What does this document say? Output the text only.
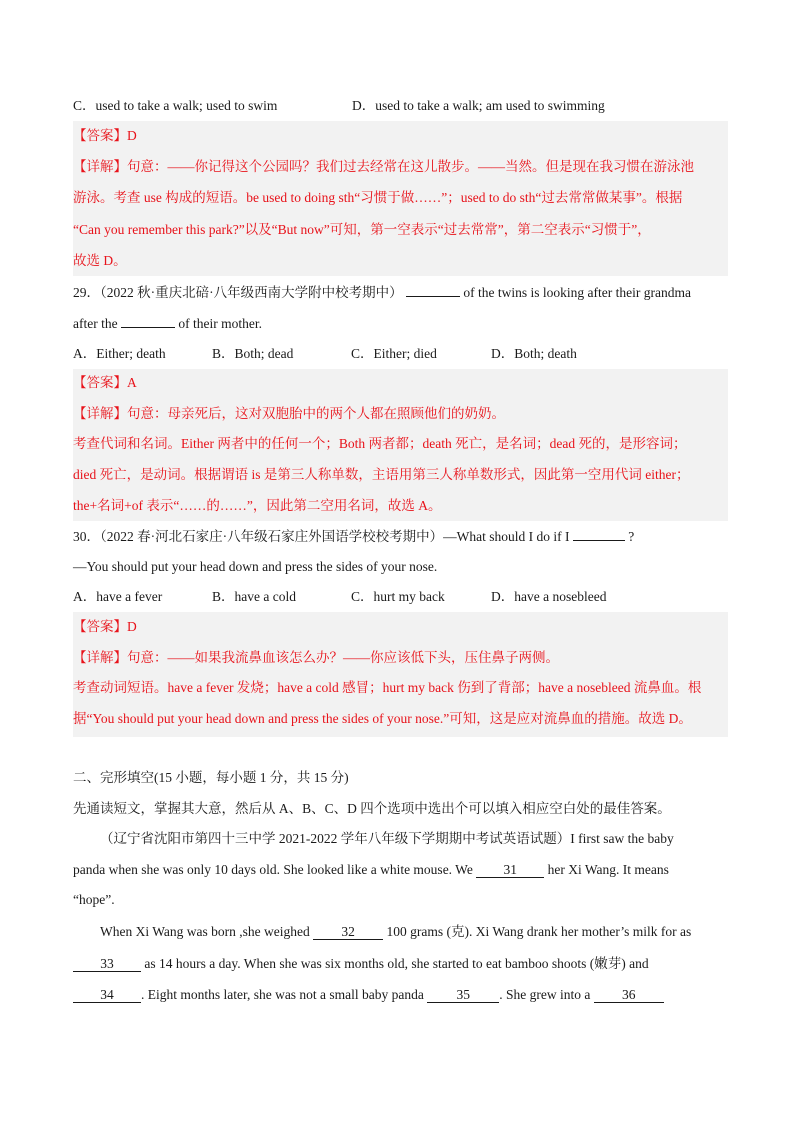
C．used to take a walk; used to swim	D．used to take a walk; am used to swimming
【答案】D
【详解】句意：——你记得这个公园吗？我们过去经常在这儿散步。——当然。但是现在我习惯在游泳池
游泳。考查 use 构成的短语。be used to doing sth“习惯于做……”；used to do sth“过去常常做某事”。根据
“Can you remember this park?”以及“But now”可知，第一空表示“过去常常”，第二空表示“习惯于”，
故选 D。
29．（2022 秋·重庆北碚·八年级西南大学附中校考期中）	of the twins is looking after their grandma
after the	of their mother.
A．Either; death	B．Both; dead	C．Either; died	D．Both; death
【答案】A
【详解】句意：母亲死后，这对双胞胎中的两个人都在照顾他们的奶奶。
考查代词和名词。Either 两者中的任何一个；Both 两者都；death 死亡，是名词；dead 死的，是形容词；
died 死亡，是动词。根据谓语 is 是第三人称单数，主语用第三人称单数形式，因此第一空用代词 either；
the+名词+of 表示“……的……”，因此第二空用名词，故选 A。
30．（2022 春·河北石家庄·八年级石家庄外国语学校校考期中）—What should I do if I	?
—You should put your head down and press the sides of your nose.
A．have a fever	B．have a cold	C．hurt my back	D．have a nosebleed
【答案】D
【详解】句意：——如果我流鼻血该怎么办？——你应该低下头，压住鼻子两侧。
考查动词短语。have a fever 发烧；have a cold 感冒；hurt my back 伤到了背部；have a nosebleed 流鼻血。根
据“You should put your head down and press the sides of your nose.”可知，这是应对流鼻血的措施。故选 D。
二、完形填空(15 小题，每小题 1 分，共 15 分)
先通读短文，掌握其大意，然后从 A、B、C、D 四个选项中选出个可以填入相应空白处的最佳答案。
（辽宁省沈阳市第四十三中学 2021-2022 学年八年级下学期期中考试英语试题）I first saw the baby
panda when she was only 10 days old. She looked like a white mouse. We 31 her Xi Wang. It means
“hope”.
When Xi Wang was born ,she weighed 32 100 grams (克). Xi Wang drank her mother’s milk for as
33 as 14 hours a day. When she was six months old, she started to eat bamboo shoots (嫩芽) and
34 . Eight months later, she was not a small baby panda 35 . She grew into a 36
